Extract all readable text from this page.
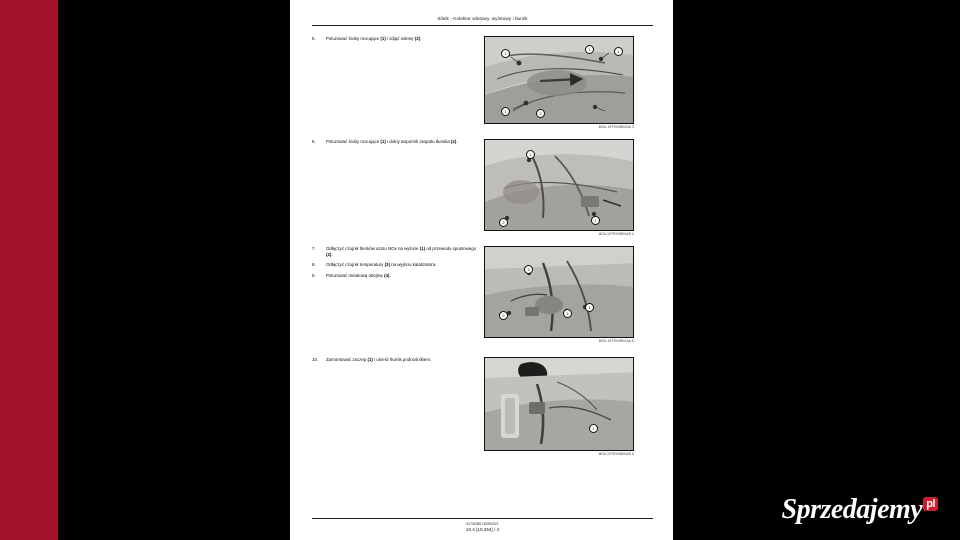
Silnik - Kolektor wlotowy, wylotowy i tłumik
5.	Poluzować śruby mocujące (1) i zdjąć osłonę (2).
1
1	2
1	1
MOIL19TRV0B00AA 3
6.	Poluzować śruby mocujące (1) i dolny wspornik zespołu tłumika (2).
1
2	1
MOIL19TRV0B00AB 4
7.	Odłączyć czujnik tlenków azotu NOx na wylocie (1) od przewodu spustowego (2).
8.	Odłączyć czujnik temperatury (3) na wyjściu katalizatora.
9.	Poluzować metalową obejmę (4).
3
2	4
1
MOIL19TRV0B00AA 5
10.	Zamontować zaczep (1) i unieść tłumik podnośnikiem.
1
MOIL19TRV0B00AB 6
61734359 15/09/2021
10.4 [10.254] / 4
Sprzedajemy pl
